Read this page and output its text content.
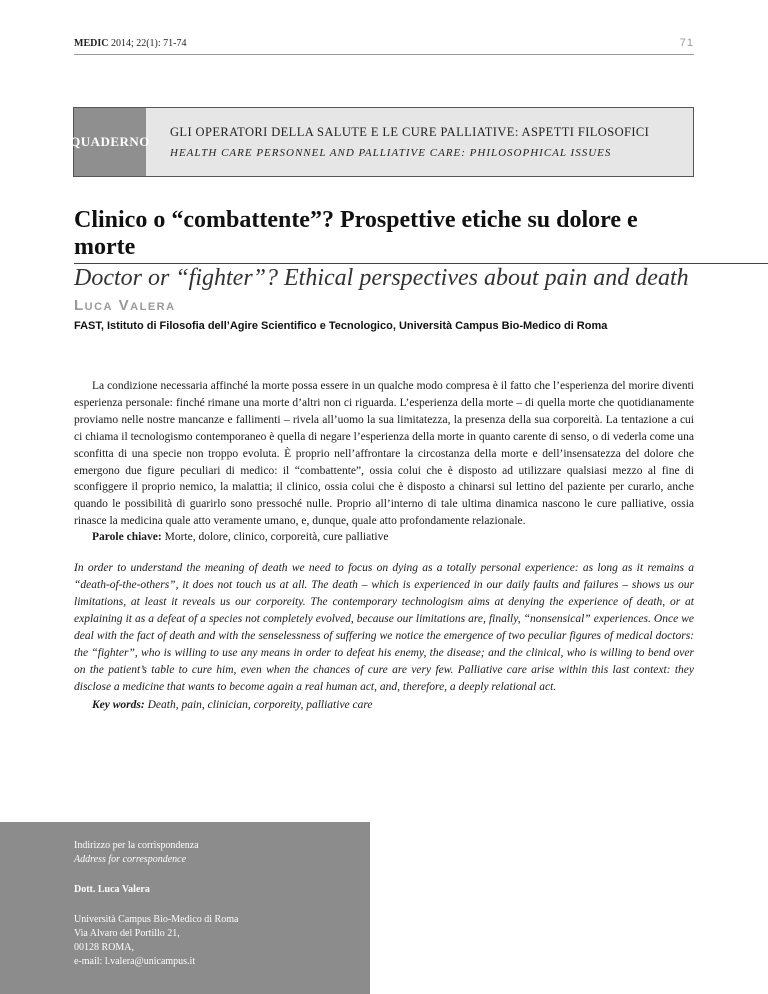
MEDIC 2014; 22(1): 71-74	71
QUADERNO
GLI OPERATORI DELLA SALUTE E LE CURE PALLIATIVE: ASPETTI FILOSOFICI
HEALTH CARE PERSONNEL AND PALLIATIVE CARE: PHILOSOPHICAL ISSUES
Clinico o “combattente”? Prospettive etiche su dolore e morte
Doctor or “fighter”? Ethical perspectives about pain and death
Luca Valera
FAST, Istituto di Filosofia dell’Agire Scientifico e Tecnologico, Università Campus Bio-Medico di Roma

La condizione necessaria affinché la morte possa essere in un qualche modo compresa è il fatto che l’esperienza del morire diventi esperienza personale: finché rimane una morte d’altri non ci riguarda. L’esperienza della morte – di quella morte che quotidianamente proviamo nelle nostre mancanze e fallimenti – rivela all’uomo la sua limitatezza, la presenza della sua corporeità. La tentazione a cui ci chiama il tecnologismo contemporaneo è quella di negare l’esperienza della morte in quanto carente di senso, o di vederla come una sconfitta di una specie non troppo evoluta. È proprio nell’affrontare la circostanza della morte e dell’insensatezza del dolore che emergono due figure peculiari di medico: il “combattente”, ossia colui che è disposto ad utilizzare qualsiasi mezzo al fine di sconfiggere il proprio nemico, la malattia; il clinico, ossia colui che è disposto a chinarsi sul lettino del paziente per curarlo, anche quando le possibilità di guarirlo sono pressoché nulle. Proprio all’interno di tale ultima dinamica nascono le cure palliative, ossia rinasce la medicina quale atto veramente umano, e, dunque, quale atto profondamente relazionale.

Parole chiave: Morte, dolore, clinico, corporeità, cure palliative

In order to understand the meaning of death we need to focus on dying as a totally personal experience: as long as it remains a “death-of-the-others”, it does not touch us at all. The death – which is experienced in our daily faults and failures – shows us our limitations, at least it reveals us our corporeity. The contemporary technologism aims at denying the experience of death, or at explaining it as a defeat of a species not completely evolved, because our limitations are, finally, “nonsensical” experiences. Once we deal with the fact of death and with the senselessness of suffering we notice the emergence of two peculiar figures of medical doctors: the “fighter”, who is willing to use any means in order to defeat his enemy, the disease; and the clinical, who is willing to bend over on the patient’s table to cure him, even when the chances of cure are very few. Palliative care arise within this last context: they disclose a medicine that wants to become again a real human act, and, therefore, a deeply relational act.

Key words: Death, pain, clinician, corporeity, palliative care

Indirizzo per la corrispondenza
Address for correspondence
Dott. Luca Valera
Università Campus Bio-Medico di Roma
Via Alvaro del Portillo 21,
00128 ROMA,
e-mail: l.valera@unicampus.it
